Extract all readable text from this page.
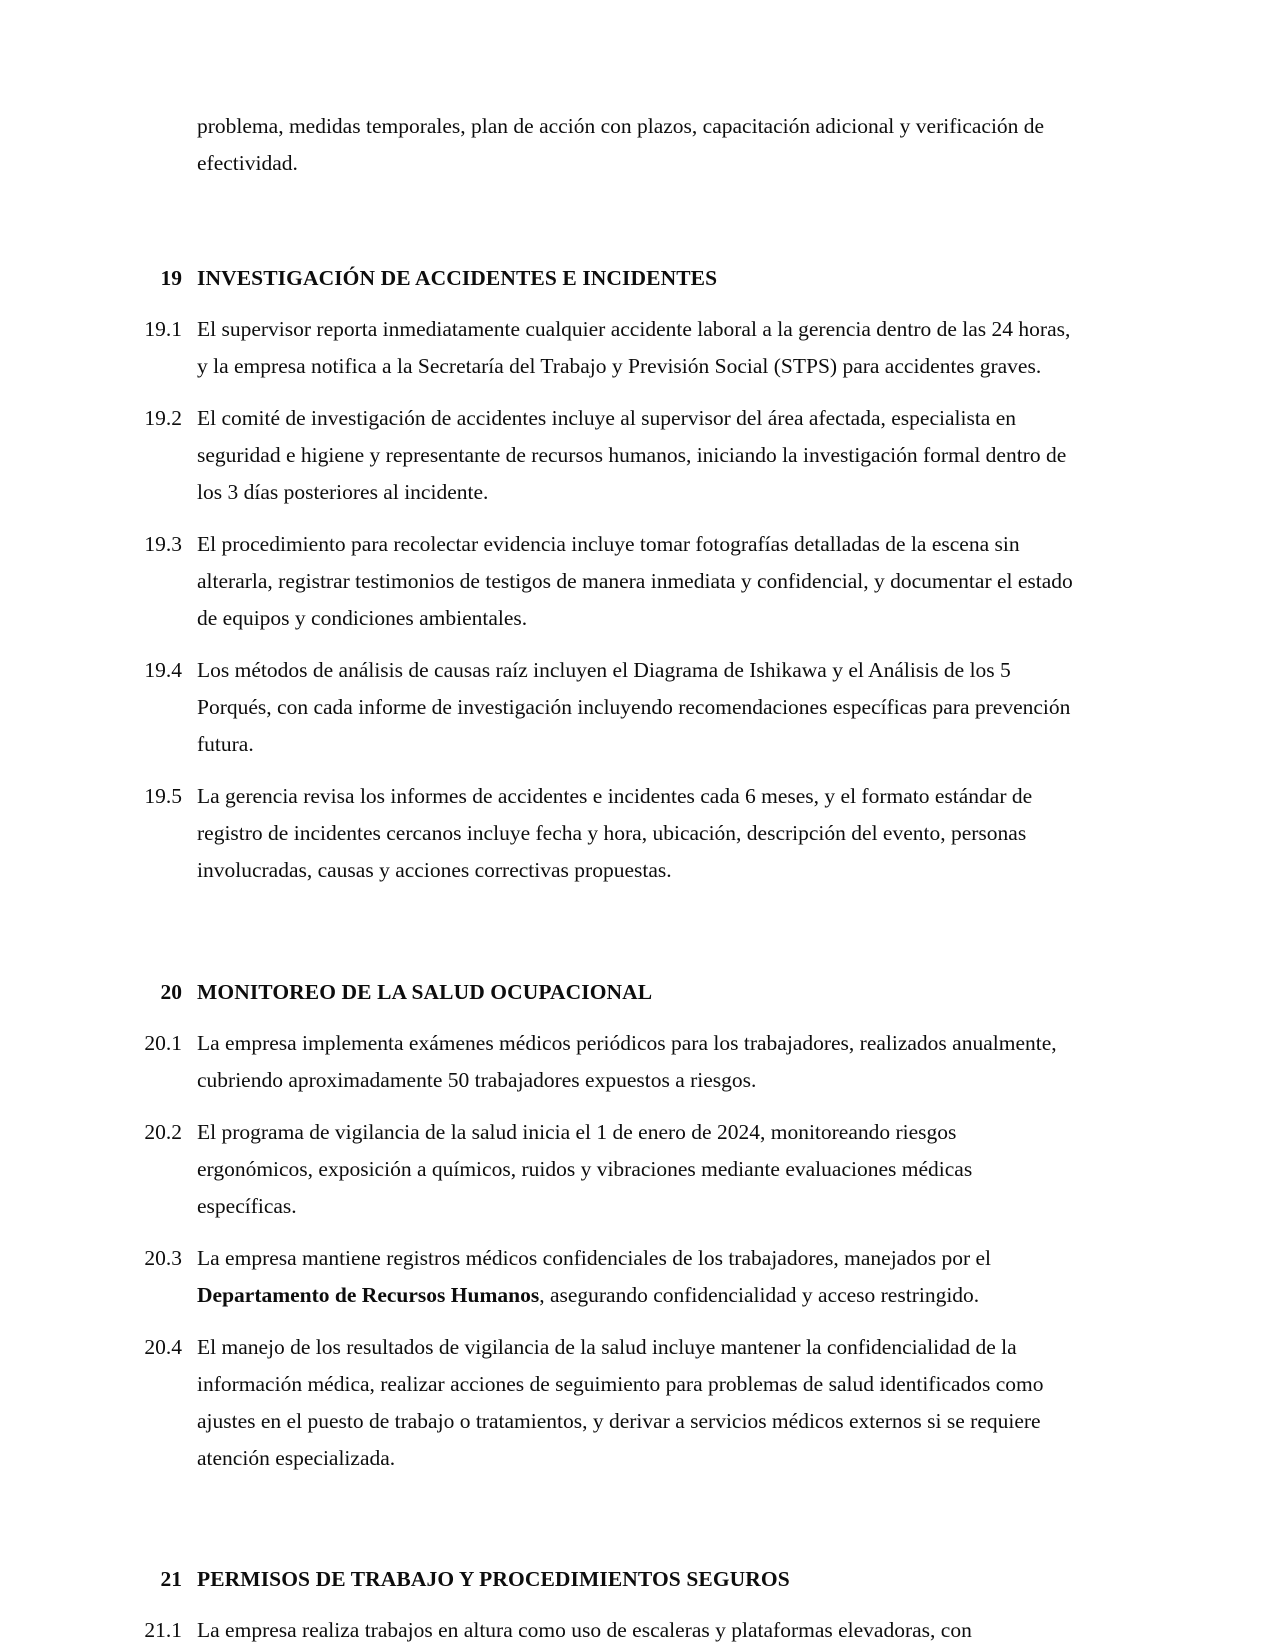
problema, medidas temporales, plan de acción con plazos, capacitación adicional y verificación de efectividad.

19 INVESTIGACIÓN DE ACCIDENTES E INCIDENTES
19.1 El supervisor reporta inmediatamente cualquier accidente laboral a la gerencia dentro de las 24 horas, y la empresa notifica a la Secretaría del Trabajo y Previsión Social (STPS) para accidentes graves.
19.2 El comité de investigación de accidentes incluye al supervisor del área afectada, especialista en seguridad e higiene y representante de recursos humanos, iniciando la investigación formal dentro de los 3 días posteriores al incidente.
19.3 El procedimiento para recolectar evidencia incluye tomar fotografías detalladas de la escena sin alterarla, registrar testimonios de testigos de manera inmediata y confidencial, y documentar el estado de equipos y condiciones ambientales.
19.4 Los métodos de análisis de causas raíz incluyen el Diagrama de Ishikawa y el Análisis de los 5 Porqués, con cada informe de investigación incluyendo recomendaciones específicas para prevención futura.
19.5 La gerencia revisa los informes de accidentes e incidentes cada 6 meses, y el formato estándar de registro de incidentes cercanos incluye fecha y hora, ubicación, descripción del evento, personas involucradas, causas y acciones correctivas propuestas.
20 MONITOREO DE LA SALUD OCUPACIONAL
20.1 La empresa implementa exámenes médicos periódicos para los trabajadores, realizados anualmente, cubriendo aproximadamente 50 trabajadores expuestos a riesgos.
20.2 El programa de vigilancia de la salud inicia el 1 de enero de 2024, monitoreando riesgos ergonómicos, exposición a químicos, ruidos y vibraciones mediante evaluaciones médicas específicas.
20.3 La empresa mantiene registros médicos confidenciales de los trabajadores, manejados por el Departamento de Recursos Humanos, asegurando confidencialidad y acceso restringido.
20.4 El manejo de los resultados de vigilancia de la salud incluye mantener la confidencialidad de la información médica, realizar acciones de seguimiento para problemas de salud identificados como ajustes en el puesto de trabajo o tratamientos, y derivar a servicios médicos externos si se requiere atención especializada.
21 PERMISOS DE TRABAJO Y PROCEDIMIENTOS SEGUROS
21.1 La empresa realiza trabajos en altura como uso de escaleras y plataformas elevadoras, con
